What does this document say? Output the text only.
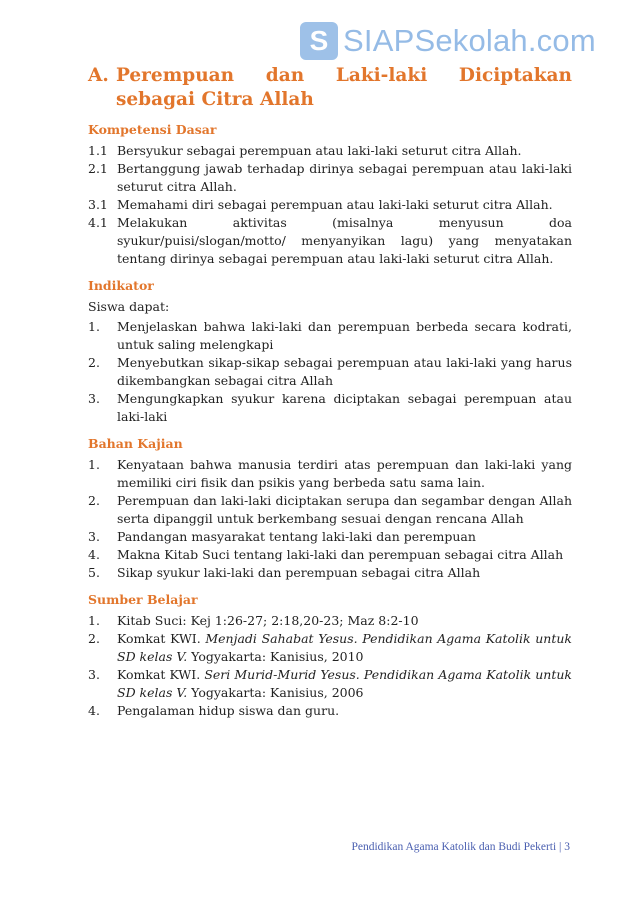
S SIAPSekolah.com
A. Perempuan dan Laki-laki Diciptakan sebagai Citra Allah
Kompetensi Dasar
1.1 Bersyukur sebagai perempuan atau laki-laki seturut citra Allah.
2.1 Bertanggung jawab terhadap dirinya sebagai perempuan atau laki-laki seturut citra Allah.
3.1 Memahami diri sebagai perempuan atau laki-laki seturut citra Allah.
4.1 Melakukan aktivitas (misalnya menyusun doa syukur/puisi/slogan/motto/ menyanyikan lagu) yang menyatakan tentang dirinya sebagai perempuan atau laki-laki seturut citra Allah.
Indikator
Siswa dapat:
1.	Menjelaskan bahwa laki-laki dan perempuan berbeda secara kodrati, untuk saling melengkapi
2.	Menyebutkan sikap-sikap sebagai perempuan atau laki-laki yang harus dikembangkan sebagai citra Allah
3.	Mengungkapkan syukur karena diciptakan sebagai perempuan atau laki-laki
Bahan Kajian
1.	Kenyataan bahwa manusia terdiri atas perempuan dan laki-laki yang memiliki ciri fisik dan psikis yang berbeda satu sama lain.
2.	Perempuan dan laki-laki diciptakan serupa dan segambar dengan Allah serta dipanggil untuk berkembang sesuai dengan rencana Allah
3.	Pandangan masyarakat tentang laki-laki dan perempuan
4.	Makna Kitab Suci tentang laki-laki dan perempuan sebagai citra Allah
5.	Sikap syukur laki-laki dan perempuan sebagai citra Allah
Sumber Belajar
1.	Kitab Suci: Kej 1:26-27; 2:18,20-23; Maz 8:2-10
2.	Komkat KWI. Menjadi Sahabat Yesus. Pendidikan Agama Katolik untuk SD kelas V. Yogyakarta: Kanisius, 2010
3.	Komkat KWI. Seri Murid-Murid Yesus. Pendidikan Agama Katolik untuk SD kelas V. Yogyakarta: Kanisius, 2006
4.	Pengalaman hidup siswa dan guru.
Pendidikan Agama Katolik dan Budi Pekerti | 3
